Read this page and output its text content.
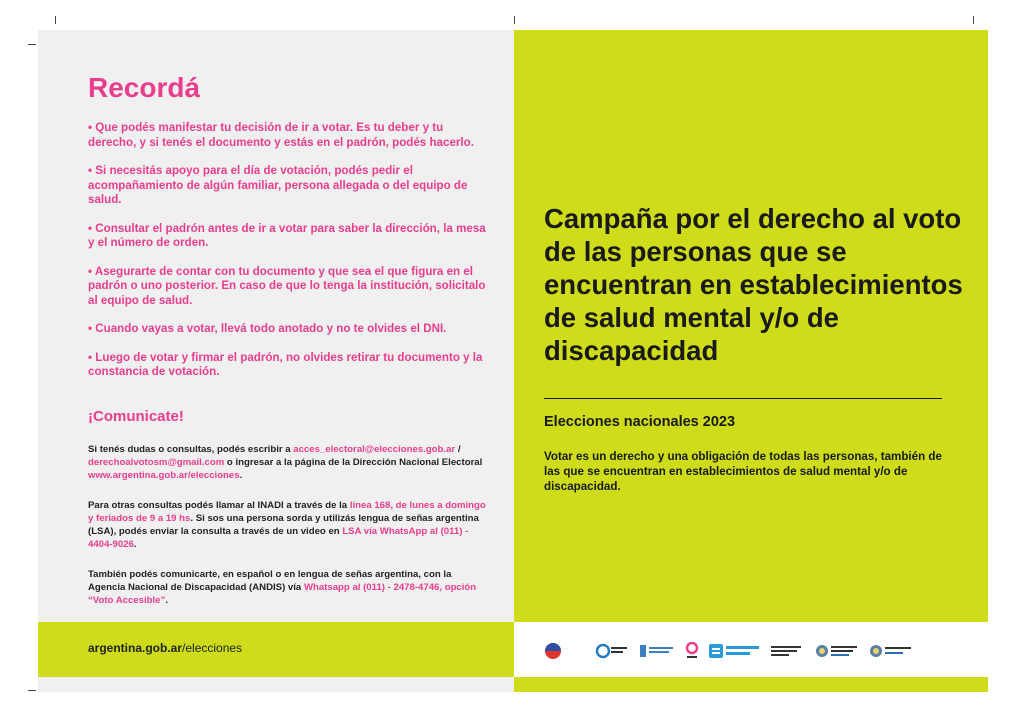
Recordá
• Que podés manifestar tu decisión de ir a votar. Es tu deber y tu derecho, y si tenés el documento y estás en el padrón, podés hacerlo.
• Si necesitás apoyo para el día de votación, podés pedir el acompañamiento de algún familiar, persona allegada o del equipo de salud.
• Consultar el padrón antes de ir a votar para saber la dirección, la mesa y el número de orden.
• Asegurarte de contar con tu documento y que sea el que figura en el padrón o uno posterior. En caso de que lo tenga la institución, solicitalo al equipo de salud.
• Cuando vayas a votar, llevá todo anotado y no te olvides el DNI.
• Luego de votar y firmar el padrón, no olvides retirar tu documento y la constancia de votación.
¡Comunicate!

Si tenés dudas o consultas, podés escribir a acces_electoral@elecciones.gob.ar / derechoalvotosm@gmail.com o ingresar a la página de la Dirección Nacional Electoral www.argentina.gob.ar/elecciones.

Para otras consultas podés llamar al INADI a través de la línea 168, de lunes a domingo y feriados de 9 a 19 hs. Si sos una persona sorda y utilizás lengua de señas argentina (LSA), podés enviar la consulta a través de un video en LSA vía WhatsApp al (011) - 4404-9026.

También podés comunicarte, en español o en lengua de señas argentina, con la Agencia Nacional de Discapacidad (ANDIS) vía Whatsapp al (011) - 2478-4746, opción “Voto Accesible”.

Campaña por el derecho al voto de las personas que se encuentran en establecimientos de salud mental y/o de discapacidad
Elecciones nacionales 2023

Votar es un derecho y una obligación de todas las personas, también de las que se encuentran en establecimientos de salud mental y/o de discapacidad.

argentina.gob.ar/elecciones
